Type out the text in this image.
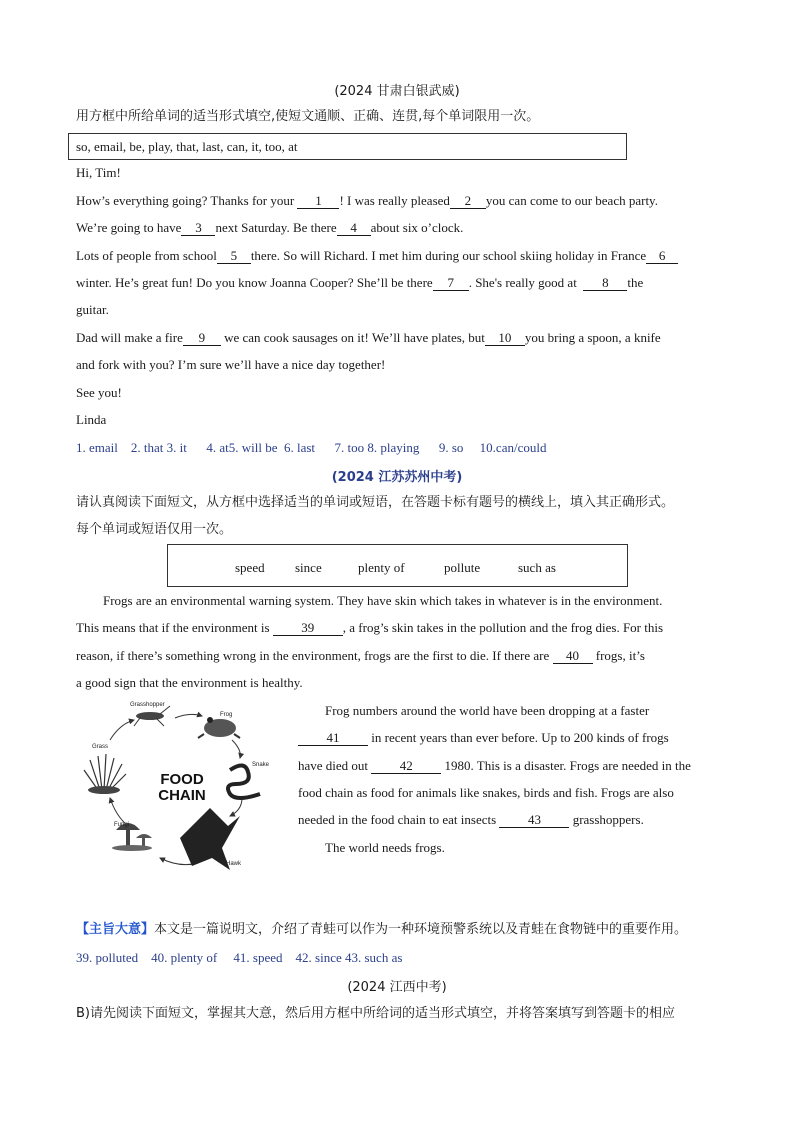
(2024 甘肃白银武威)
用方框中所给单词的适当形式填空,使短文通顺、正确、连贯,每个单词限用一次。
so, email, be, play, that, last, can, it, too, at
Hi, Tim!
How’s everything going? Thanks for your 1 ! I was really pleased 2 you can come to our beach party.
We’re going to have 3 next Saturday. Be there 4 about six o’clock.
Lots of people from school 5 there. So will Richard. I met him during our school skiing holiday in France 6
winter. He’s great fun! Do you know Joanna Cooper? She’ll be there 7 . She's really good at 8 the
guitar.
Dad will make a fire 9 we can cook sausages on it! We’ll have plates, but 10 you bring a spoon, a knife
and fork with you? I’m sure we’ll have a nice day together!
See you!
Linda
1. email    2. that 3. it      4. at5. will be  6. last      7. too 8. playing      9. so     10.can/could
(2024 江苏苏州中考)
请认真阅读下面短文，从方框中选择适当的单词或短语，在答题卡标有题号的横线上，填入其正确形式。
每个单词或短语仅用一次。
speed since	plenty of	pollute	such as
Frogs are an environmental warning system. They have skin which takes in whatever is in the environment.
This means that if the environment is 39 , a frog’s skin takes in the pollution and the frog dies. For this
reason, if there’s something wrong in the environment, frogs are the first to die. If there are 40 frogs, it’s
a good sign that the environment is healthy.
Grasshopper
Frog
Snake
Hawk
Fungi
Grass
FOOD
CHAIN
Frog numbers around the world have been dropping at a faster
41 in recent years than ever before. Up to 200 kinds of frogs
have died out 42 1980. This is a disaster. Frogs are needed in the
food chain as food for animals like snakes, birds and fish. Frogs are also
needed in the food chain to eat insects 43 grasshoppers.
The world needs frogs.
【主旨大意】本文是一篇说明文，介绍了青蛙可以作为一种环境预警系统以及青蛙在食物链中的重要作用。
39. polluted    40. plenty of     41. speed    42. since 43. such as
(2024 江西中考)
B)请先阅读下面短文，掌握其大意，然后用方框中所给词的适当形式填空，并将答案填写到答题卡的相应
